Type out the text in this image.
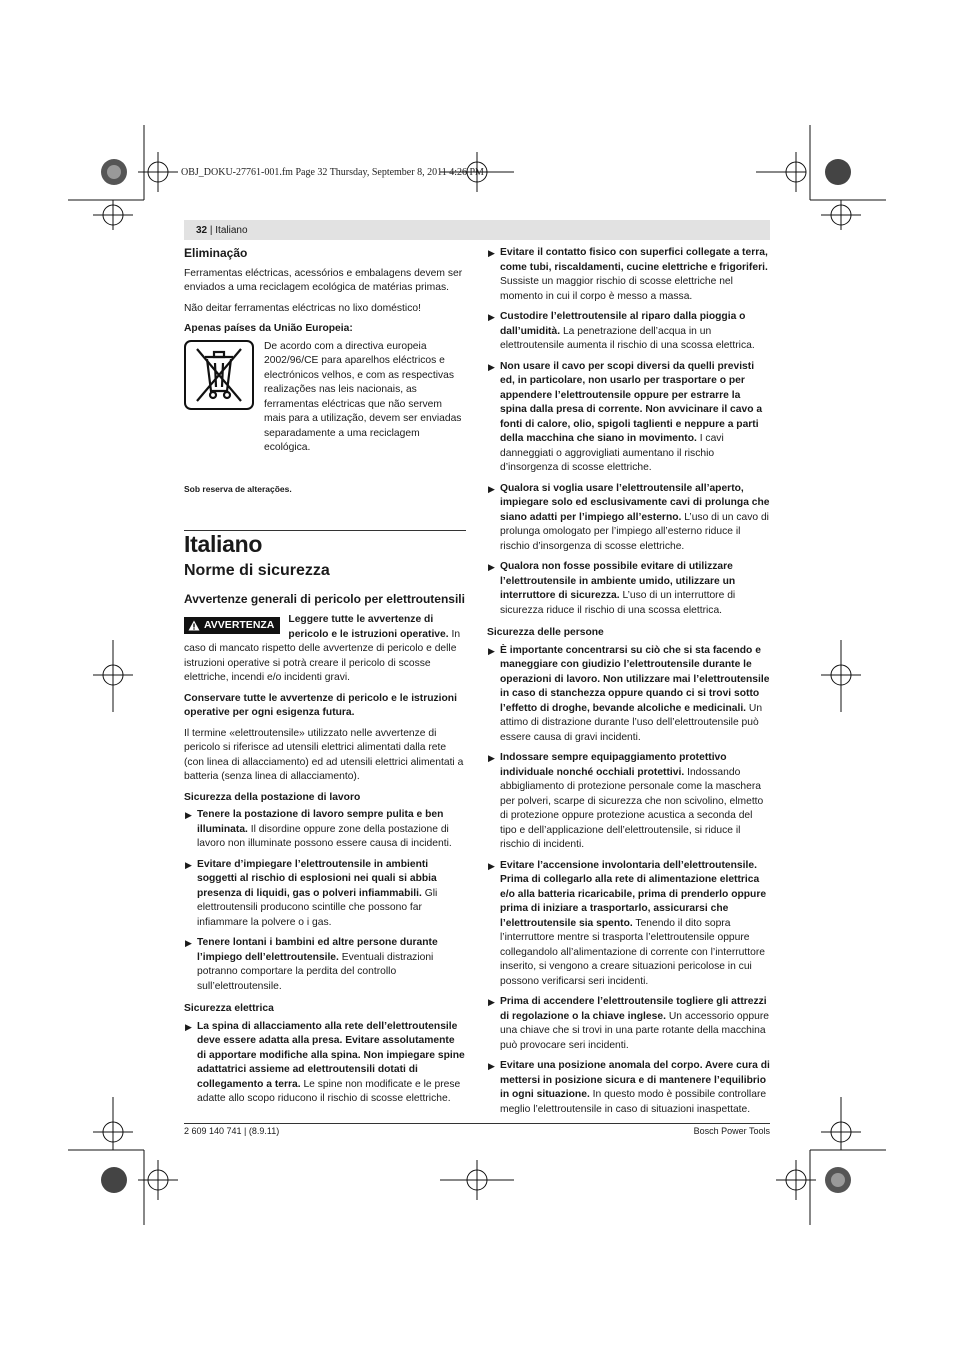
OBJ_DOKU-27761-001.fm Page 32 Thursday, September 8, 2011 4:26 PM
32 | Italiano
Eliminação

Ferramentas eléctricas, acessórios e embalagens devem ser enviados a uma reciclagem ecológica de matérias primas.

Não deitar ferramentas eléctricas no lixo doméstico!

Apenas países da União Europeia:
De acordo com a directiva europeia 2002/96/CE para aparelhos eléctricos e electrónicos velhos, e com as respectivas realizações nas leis nacionais, as ferramentas eléctricas que não servem mais para a utilização, devem ser enviadas separadamente a uma reciclagem ecológica.
Sob reserva de alterações.
Italiano
Norme di sicurezza
Avvertenze generali di pericolo per elettroutensili
AVVERTENZA Leggere tutte le avvertenze di pericolo e le istruzioni operative. In caso di mancato rispetto delle avvertenze di pericolo e delle istruzioni operative si potrà creare il pericolo di scosse elettriche, incendi e/o incidenti gravi.

Conservare tutte le avvertenze di pericolo e le istruzioni operative per ogni esigenza futura.

Il termine «elettroutensile» utilizzato nelle avvertenze di pericolo si riferisce ad utensili elettrici alimentati dalla rete (con linea di allacciamento) ed ad utensili elettrici alimentati a batteria (senza linea di allacciamento).

Sicurezza della postazione di lavoro
▶ Tenere la postazione di lavoro sempre pulita e ben illuminata. Il disordine oppure zone della postazione di lavoro non illuminate possono essere causa di incidenti.
▶ Evitare d’impiegare l’elettroutensile in ambienti soggetti al rischio di esplosioni nei quali si abbia presenza di liquidi, gas o polveri infiammabili. Gli elettroutensili producono scintille che possono far infiammare la polvere o i gas.
▶ Tenere lontani i bambini ed altre persone durante l’impiego dell’elettroutensile. Eventuali distrazioni potranno comportare la perdita del controllo sull’elettroutensile.
Sicurezza elettrica
▶ La spina di allacciamento alla rete dell’elettroutensile deve essere adatta alla presa. Evitare assolutamente di apportare modifiche alla spina. Non impiegare spine adattatrici assieme ad elettroutensili dotati di collegamento a terra. Le spine non modificate e le prese adatte allo scopo riducono il rischio di scosse elettriche.
▶ Evitare il contatto fisico con superfici collegate a terra, come tubi, riscaldamenti, cucine elettriche e frigoriferi. Sussiste un maggior rischio di scosse elettriche nel momento in cui il corpo è messo a massa.
▶ Custodire l’elettroutensile al riparo dalla pioggia o dall’umidità. La penetrazione dell’acqua in un elettroutensile aumenta il rischio di una scossa elettrica.
▶ Non usare il cavo per scopi diversi da quelli previsti ed, in particolare, non usarlo per trasportare o per appendere l’elettroutensile oppure per estrarre la spina dalla presa di corrente. Non avvicinare il cavo a fonti di calore, olio, spigoli taglienti e neppure a parti della macchina che siano in movimento. I cavi danneggiati o aggrovigliati aumentano il rischio d’insorgenza di scosse elettriche.
▶ Qualora si voglia usare l’elettroutensile all’aperto, impiegare solo ed esclusivamente cavi di prolunga che siano adatti per l’impiego all’esterno. L’uso di un cavo di prolunga omologato per l’impiego all’esterno riduce il rischio d’insorgenza di scosse elettriche.
▶ Qualora non fosse possibile evitare di utilizzare l’elettroutensile in ambiente umido, utilizzare un interruttore di sicurezza. L’uso di un interruttore di sicurezza riduce il rischio di una scossa elettrica.
Sicurezza delle persone
▶ È importante concentrarsi su ciò che si sta facendo e maneggiare con giudizio l’elettroutensile durante le operazioni di lavoro. Non utilizzare mai l’elettroutensile in caso di stanchezza oppure quando ci si trovi sotto l’effetto di droghe, bevande alcoliche e medicinali. Un attimo di distrazione durante l’uso dell’elettroutensile può essere causa di gravi incidenti.
▶ Indossare sempre equipaggiamento protettivo individuale nonché occhiali protettivi. Indossando abbigliamento di protezione personale come la maschera per polveri, scarpe di sicurezza che non scivolino, elmetto di protezione oppure protezione acustica a seconda del tipo e dell’applicazione dell’elettroutensile, si riduce il rischio di incidenti.
▶ Evitare l’accensione involontaria dell’elettroutensile. Prima di collegarlo alla rete di alimentazione elettrica e/o alla batteria ricaricabile, prima di prenderlo oppure prima di iniziare a trasportarlo, assicurarsi che l’elettroutensile sia spento. Tenendo il dito sopra l’interruttore mentre si trasporta l’elettroutensile oppure collegandolo all’alimentazione di corrente con l’interruttore inserito, si vengono a creare situazioni pericolose in cui possono verificarsi seri incidenti.
▶ Prima di accendere l’elettroutensile togliere gli attrezzi di regolazione o la chiave inglese. Un accessorio oppure una chiave che si trovi in una parte rotante della macchina può provocare seri incidenti.
▶ Evitare una posizione anomala del corpo. Avere cura di mettersi in posizione sicura e di mantenere l’equilibrio in ogni situazione. In questo modo è possibile controllare meglio l’elettroutensile in caso di situazioni inaspettate.
2 609 140 741 | (8.9.11)	Bosch Power Tools
